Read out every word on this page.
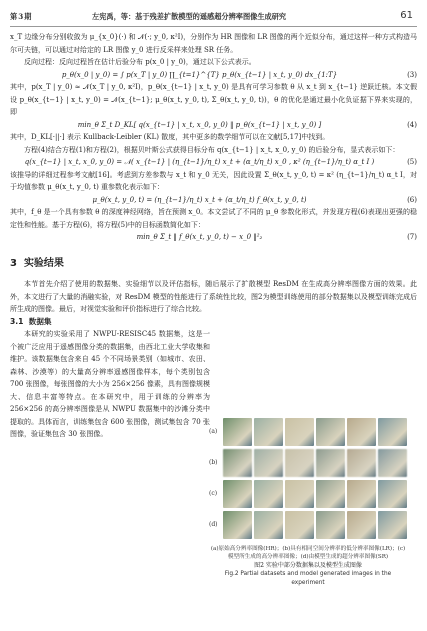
第3期	左宪禹，等：基于残差扩散模型的遥感超分辨率图像生成研究	61

x_T 边缘分布分别收敛为 μ_{x_0}(·) 和 𝒩(·; y_0, κ²I)，分别作为 HR 图像和 LR 图像的两个近似分布，通过这样一种方式构造马尔可夫链，可以通过对给定的 LR 图像 y_0 进行反采样来处理 SR 任务。

反向过程：反向过程旨在估计后验分布 p(x_0 | y_0)，通过以下公式表示。

p_θ(x_0 | y_0) = ∫ p(x_T | y_0) ∏_{t=1}^{T} p_θ(x_{t−1} | x_t, y_0) dx_{1:T}	(3)

其中，p(x_T | y_0) ≈ 𝒩(x_T | y_0, κ²I)，p_θ(x_{t−1} | x_t, y_0) 是具有可学习参数 θ 从 x_t 到 x_{t−1} 逆跃迁核。本文假设 p_θ(x_{t−1} | x_t, y_0) = 𝒩(x_{t−1}; μ_θ(x_t, y_0, t), Σ_θ(x_t, y_0, t))，θ 的优化是通过最小化负证据下界来实现的，即

min_θ Σ_t D_KL[ q(x_{t−1} | x_t, x_0, y_0) ‖ p_θ(x_{t−1} | x_t, y_0) ]	(4)

其中，D_KL[·||·] 表示 Kullback-Leibler (KL) 散度，其中更多的数学细节可以在文献[5,17]中找到。

方程(4)结合方程(1)和方程(2)，根据贝叶斯公式获得目标分布 q(x_{t−1} | x_t, x_0, y_0) 的后验分布，显式表示如下：

q(x_{t−1} | x_t, x_0, y_0) = 𝒩( x_{t−1} | (η_{t−1}/η_t) x_t + (α_t/η_t) x_0 , κ² (η_{t−1}/η_t) α_t I )	(5)

该推导的详细过程参考文献[16]。考虑到方差参数与 x_t 和 y_0 无关，因此设置 Σ_θ(x_t, y_0, t) = κ² (η_{t−1}/η_t) α_t I，对于均值参数 μ_θ(x_t, y_0, t) 重参数化表示如下：

μ_θ(x_t, y_0, t) = (η_{t−1}/η_t) x_t + (α_t/η_t) f_θ(x_t, y_0, t)	(6)

其中，f_θ 是一个具有参数 θ 的深度神经网络，旨在预测 x_0。本文尝试了不同的 μ_θ 参数化形式，并发现方程(6)表现出更强的稳定性和性能。基于方程(6)，将方程(5)中的目标函数简化如下：

min_θ Σ_t ‖ f_θ(x_t, y_0, t) − x_0 ‖²₂	(7)
3 实验结果

本节首先介绍了使用的数据集、实验细节以及评估指标，随后展示了扩散模型 ResDM 在生成高分辨率图像方面的效果。此外，本文进行了大量的消融实验，对 ResDM 模型的性能进行了系统性比较，图2为模型训练使用的部分数据集以及模型训练完成后所生成的图像。最后，对视觉实验和评价指标进行了综合比较。

3.1 数据集

本研究的实验采用了 NWPU-RESISC45 数据集，这是一个被广泛应用于遥感图像分类的数据集，由西北工业大学收集和维护。该数据集包含来自 45 个不同场景类别（如城市、农田、森林、沙漠等）的大量高分辨率遥感图像样本，每个类别包含 700 张图像，每张图像的大小为 256×256 像素，具有图像规模大、信息丰富等特点。在本研究中，用于训练的分辨率为 256×256 的高分辨率图像是从 NWPU 数据集中的沙滩分类中提取的。具体而言，训练集包含 600 张图像，测试集包含 70 张图像，验证集包含 30 张图像。	(a)
(b)
(c)
(d)
(a)原始高分辨率图像(HR)；(b)具有相同空间分辨率的低分辨率图像(LR)；(c)模型所生成的高分辨率图像；(d)由模型生成的超分辨率图像(SR)
图2 实验中部分数据集以及模型生成图像
Fig.2 Partial datasets and model generated images in the experiment
